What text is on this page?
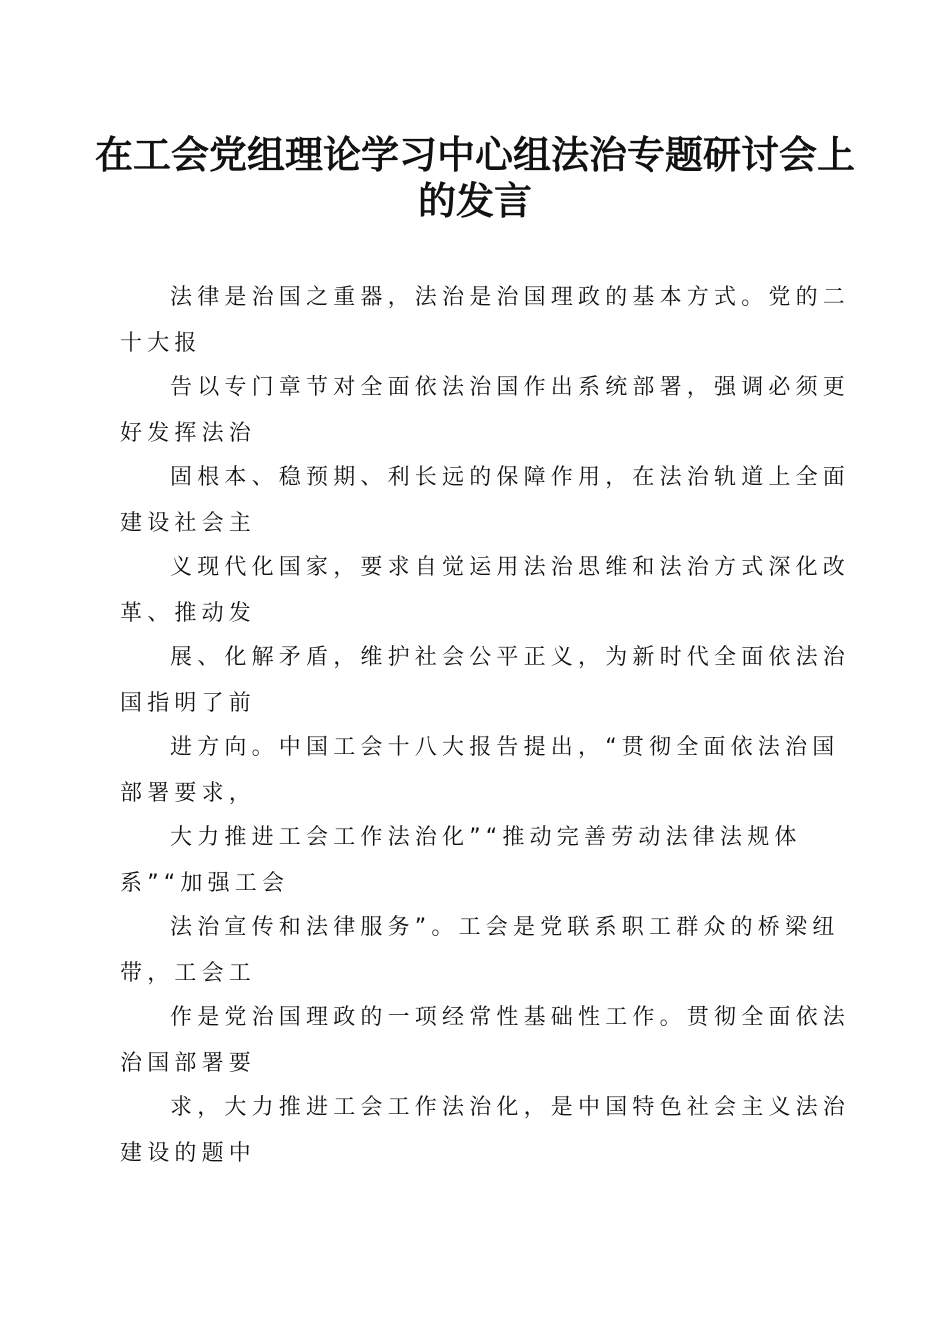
在工会党组理论学习中心组法治专题研讨会上
的发言
法律是治国之重器，法治是治国理政的基本方式。党的二
十大报
告以专门章节对全面依法治国作出系统部署，强调必须更
好发挥法治
固根本、稳预期、利长远的保障作用，在法治轨道上全面
建设社会主
义现代化国家，要求自觉运用法治思维和法治方式深化改
革、推动发
展、化解矛盾，维护社会公平正义，为新时代全面依法治
国指明了前
进方向。中国工会十八大报告提出，“贯彻全面依法治国
部署要求，
大力推进工会工作法治化”“推动完善劳动法律法规体
系”“加强工会
法治宣传和法律服务”。工会是党联系职工群众的桥梁纽
带，工会工
作是党治国理政的一项经常性基础性工作。贯彻全面依法
治国部署要
求，大力推进工会工作法治化，是中国特色社会主义法治
建设的题中
